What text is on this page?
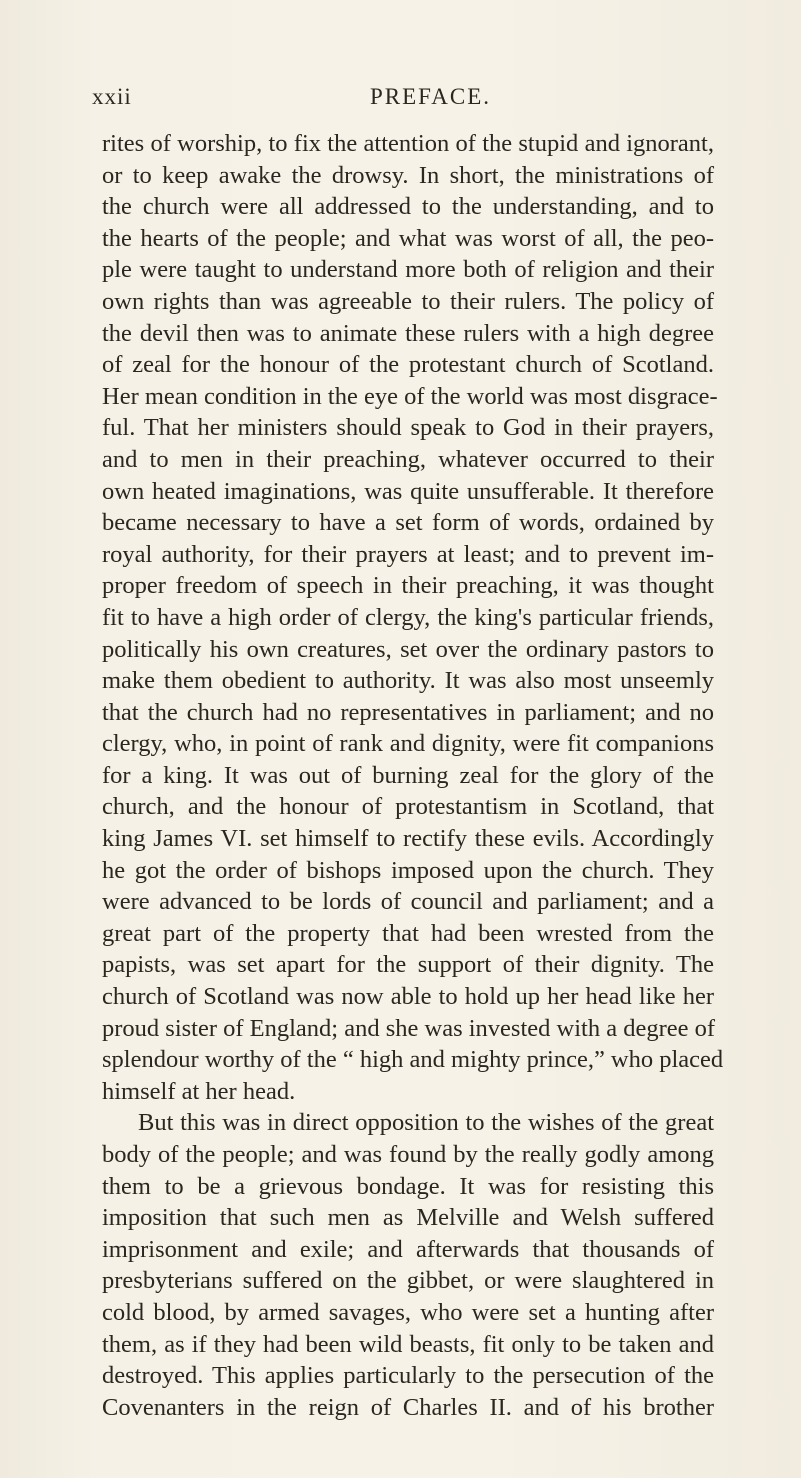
xxii	PREFACE.
rites of worship, to fix the attention of the stupid and ignorant,
or to keep awake the drowsy. In short, the ministrations of
the church were all addressed to the understanding, and to
the hearts of the people; and what was worst of all, the peo-
ple were taught to understand more both of religion and their
own rights than was agreeable to their rulers. The policy of
the devil then was to animate these rulers with a high degree
of zeal for the honour of the protestant church of Scotland.
Her mean condition in the eye of the world was most disgrace-
ful. That her ministers should speak to God in their prayers,
and to men in their preaching, whatever occurred to their
own heated imaginations, was quite unsufferable. It therefore
became necessary to have a set form of words, ordained by
royal authority, for their prayers at least; and to prevent im-
proper freedom of speech in their preaching, it was thought
fit to have a high order of clergy, the king's particular friends,
politically his own creatures, set over the ordinary pastors to
make them obedient to authority. It was also most unseemly
that the church had no representatives in parliament; and no
clergy, who, in point of rank and dignity, were fit companions
for a king. It was out of burning zeal for the glory of the
church, and the honour of protestantism in Scotland, that
king James VI. set himself to rectify these evils. Accordingly
he got the order of bishops imposed upon the church. They
were advanced to be lords of council and parliament; and a
great part of the property that had been wrested from the
papists, was set apart for the support of their dignity. The
church of Scotland was now able to hold up her head like her
proud sister of England; and she was invested with a degree of
splendour worthy of the “ high and mighty prince,” who placed
himself at her head.
But this was in direct opposition to the wishes of the great
body of the people; and was found by the really godly among
them to be a grievous bondage. It was for resisting this
imposition that such men as Melville and Welsh suffered
imprisonment and exile; and afterwards that thousands of
presbyterians suffered on the gibbet, or were slaughtered in
cold blood, by armed savages, who were set a hunting after
them, as if they had been wild beasts, fit only to be taken and
destroyed. This applies particularly to the persecution of the
Covenanters in the reign of Charles II. and of his brother
